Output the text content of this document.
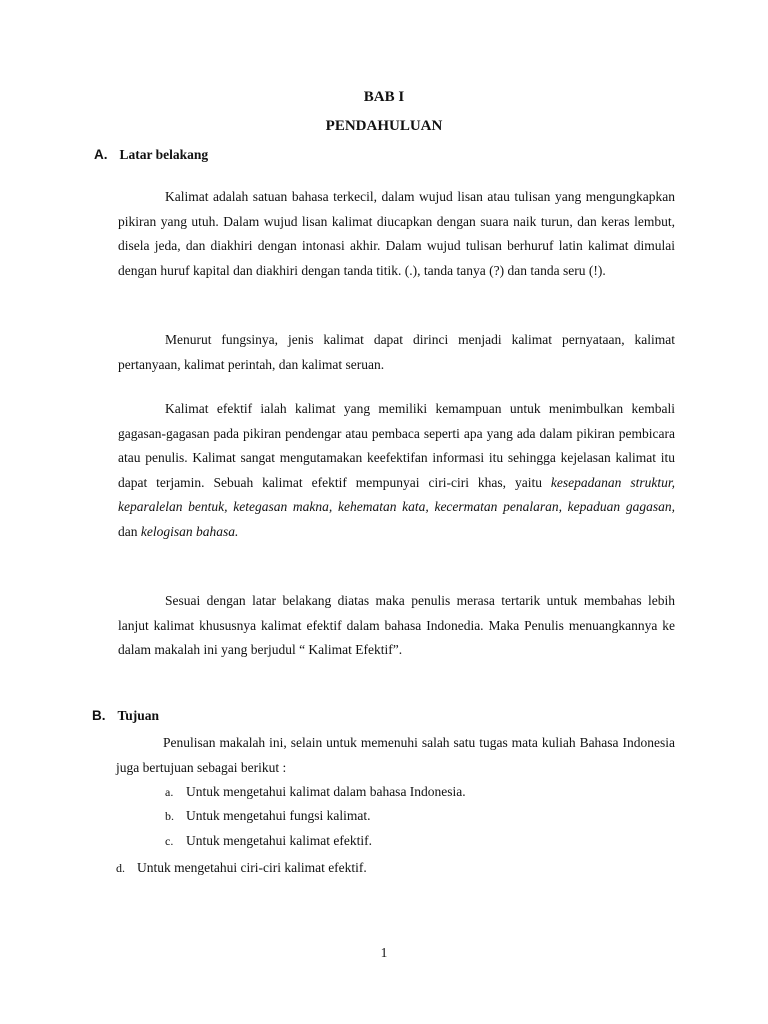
BAB I
PENDAHULUAN
A. Latar belakang

Kalimat adalah satuan bahasa terkecil, dalam wujud lisan atau tulisan yang mengungkapkan pikiran yang utuh. Dalam wujud lisan kalimat diucapkan dengan suara naik turun, dan keras lembut, disela jeda, dan diakhiri dengan intonasi akhir. Dalam wujud tulisan berhuruf latin kalimat dimulai dengan huruf kapital dan diakhiri dengan tanda titik. (.), tanda tanya (?) dan tanda seru (!).

Menurut fungsinya, jenis kalimat dapat dirinci menjadi kalimat pernyataan, kalimat pertanyaan, kalimat perintah, dan kalimat seruan.

Kalimat efektif ialah kalimat yang memiliki kemampuan untuk menimbulkan kembali gagasan-gagasan pada pikiran pendengar atau pembaca seperti apa yang ada dalam pikiran pembicara atau penulis. Kalimat sangat mengutamakan keefektifan informasi itu sehingga kejelasan kalimat itu dapat terjamin. Sebuah kalimat efektif mempunyai ciri-ciri khas, yaitu kesepadanan struktur, keparalelan bentuk, ketegasan makna, kehematan kata, kecermatan penalaran, kepaduan gagasan,  dan kelogisan bahasa.

Sesuai dengan latar belakang diatas maka penulis merasa tertarik untuk membahas lebih lanjut kalimat khususnya kalimat efektif dalam bahasa Indonedia. Maka Penulis menuangkannya ke dalam makalah ini yang berjudul “ Kalimat Efektif”.

B. Tujuan

Penulisan makalah ini, selain untuk memenuhi salah satu tugas mata kuliah Bahasa Indonesia juga bertujuan sebagai berikut :

a. Untuk mengetahui kalimat dalam bahasa Indonesia.
b. Untuk mengetahui fungsi kalimat.
c. Untuk mengetahui kalimat efektif.
d. Untuk mengetahui ciri-ciri kalimat efektif.
1
